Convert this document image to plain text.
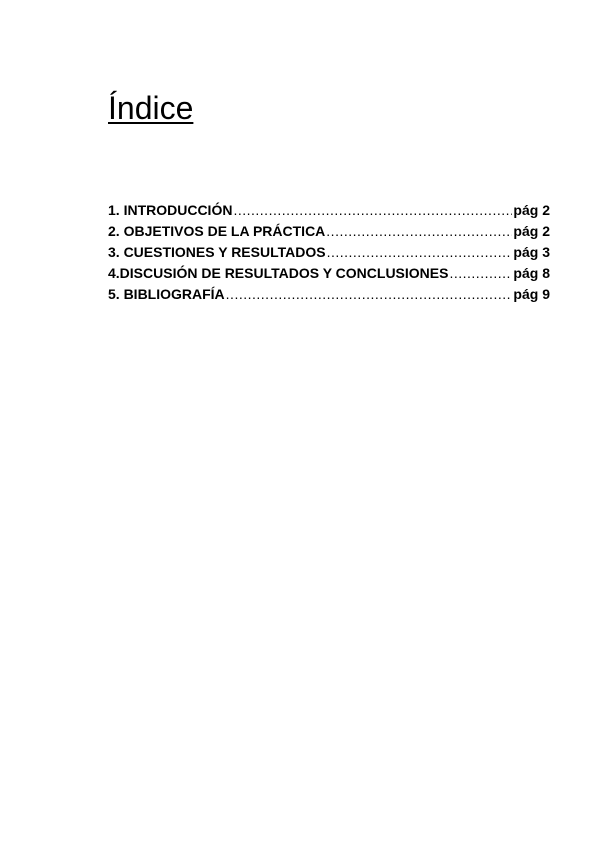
Índice
1. INTRODUCCIÓN .....	pág 2
2. OBJETIVOS DE LA PRÁCTICA .....	pág 2
3. CUESTIONES Y RESULTADOS .....	pág 3
4.DISCUSIÓN DE RESULTADOS Y CONCLUSIONES .....	pág 8
5. BIBLIOGRAFÍA .....	pág 9
